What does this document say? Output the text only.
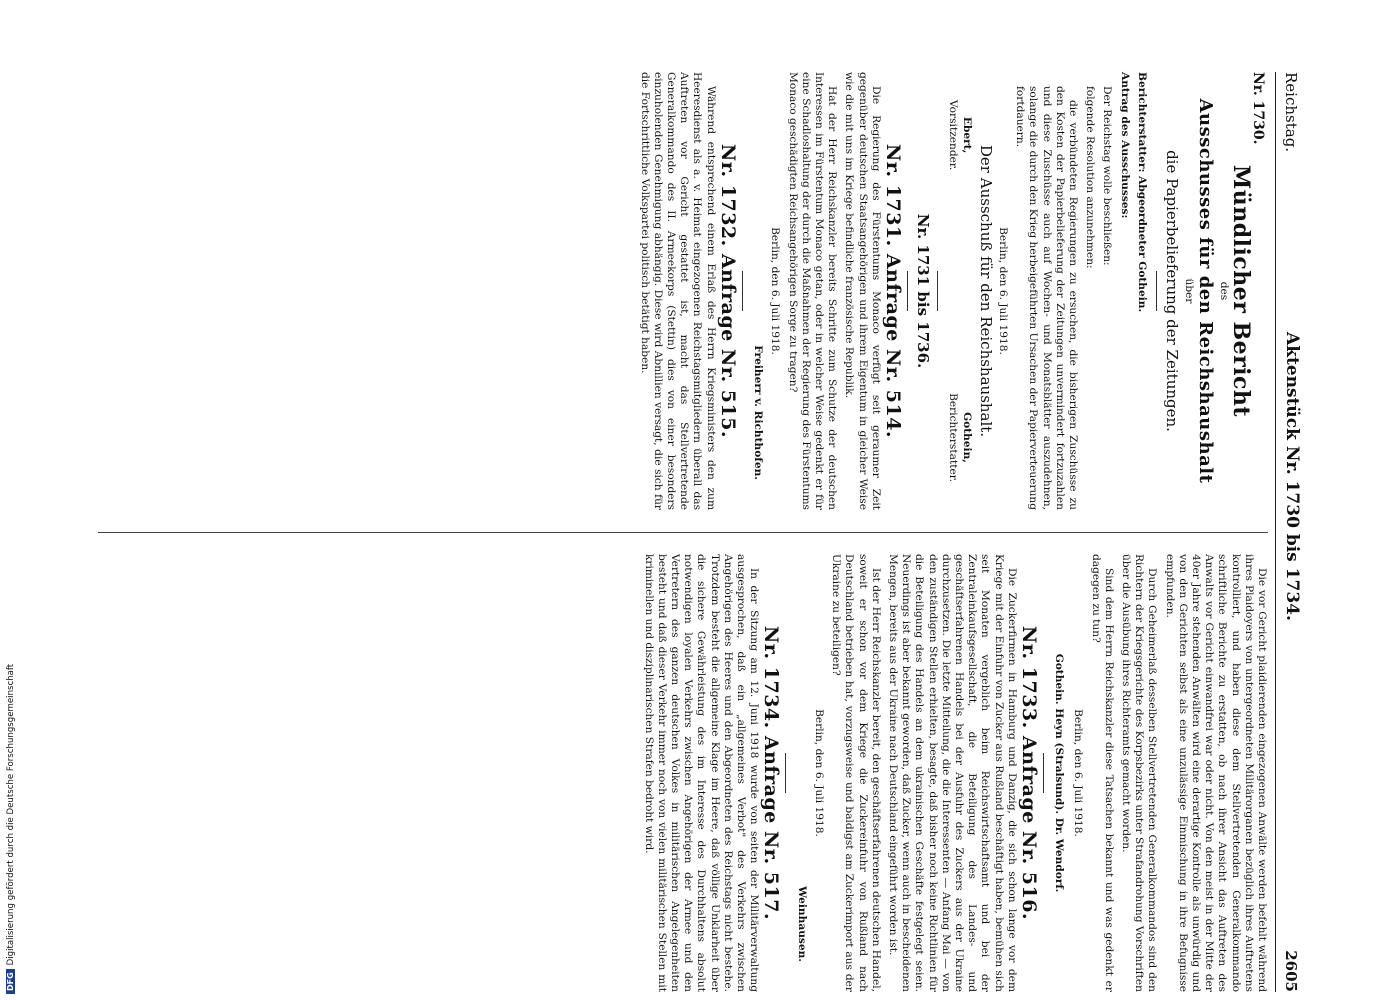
Reichstag.
Aktenstück Nr. 1730 bis 1734.
2605
Nr. 1730.
Mündlicher Bericht
des
Ausschusses für den Reichshaushalt
über
die Papierbelieferung der Zeitungen.

Berichterstatter: Abgeordneter Gothein.

Antrag des Ausschusses:

Der Reichstag wolle beschließen:

folgende Resolution anzunehmen:

die verbündeten Regierungen zu ersuchen, die bisherigen Zuschüsse zu den Kosten der Papierbelieferung der Zeitungen unvermindert fortzuzahlen und diese Zuschüsse auch auf Wochen- und Monatsblätter auszudehnen, solange die durch den Krieg herbeigeführten Ursachen der Papierverteuerung fortdauern.

Berlin, den 6. Juli 1918.
Der Ausschuß für den Reichshaushalt.
Ebert,
Vorsitzender.
Gothein,
Berichterstatter.
Nr. 1731 bis 1736.
Nr. 1731. Anfrage Nr. 514.

Die Regierung des Fürstentums Monaco verfügt seit geraumer Zeit gegenüber deutschen Staatsangehörigen und ihrem Eigentum in gleicher Weise wie die mit uns im Kriege befindliche französische Republik.

Hat der Herr Reichskanzler bereits Schritte zum Schutze der deutschen Interessen im Fürstentum Monaco getan, oder in welcher Weise gedenkt er für eine Schadloshaltung der durch die Maßnahmen der Regierung des Fürstentums Monaco geschädigten Reichsangehörigen Sorge zu tragen?

Berlin, den 6. Juli 1918.
Freiherr v. Richthofen.
Nr. 1732. Anfrage Nr. 515.

Während entsprechend einem Erlaß des Herrn Kriegsministers den zum Heeresdienst als a. v. Heimat eingezogenen Reichstagsmitgliedern überall das Auftreten vor Gericht gestattet ist, macht das Stellvertretende Generalkommando des II. Armeekorps (Stettin) dies von einer besonders einzuholenden Genehmigung abhängig. Diese wird Abnillien versagt, die sich für die Fortschrittliche Volkspartei politisch betätigt haben.

Die vor Gericht plaidierenden eingezogenen Anwälte werden befehlt während ihres Plaidoyers von untergeordneten Militärorganen bezüglich ihres Auftretens kontrolliert, und haben diese dem Stellvertretenden Generalkommando schriftliche Berichte zu erstatten, ob nach ihrer Ansicht das Auftreten des Anwalts vor Gericht einwandfrei war oder nicht. Von den meist in der Mitte der 40er Jahre stehenden Anwälten wird eine derartige Kontrolle als unwürdig und von den Gerichten selbst als eine unzulässige Einmischung in ihre Befugnisse empfunden.

Durch Geheimerlaß desselben Stellvertretenden Generalkommandos sind den Richtern der Kriegsgerichte des Korpsbezirks unter Strafandrohung Vorschriften über die Ausübung ihres Richteramts gemacht worden.

Sind dem Herrn Reichskanzler diese Tatsachen bekannt und was gedenkt er dagegen zu tun?

Berlin, den 6. Juli 1918.
Gothein. Heyn (Stralsund). Dr. Wendorf.
Nr. 1733. Anfrage Nr. 516.

Die Zuckerfirmen in Hamburg und Danzig, die sich schon lange vor dem Kriege mit der Einfuhr von Zucker aus Rußland beschäftigt haben, bemühen sich seit Monaten vergeblich beim Reichswirtschaftsamt und bei der Zentraleinkaufsgesellschaft, die Beteiligung des Landes- und geschäftserfahrenen Handels bei der Ausfuhr des Zuckers aus der Ukraine durchzusetzen. Die letzte Mitteilung, die die Interessenten — Anfang Mai — von den zuständigen Stellen erhielten, besagte, daß bisher noch keine Richtlinien für die Beteiligung des Handels an dem ukrainischen Geschäfte festgelegt seien. Neuerdings ist aber bekannt geworden, daß Zucker, wenn auch in bescheidenen Mengen, bereits aus der Ukraine nach Deutschland eingeführt worden ist.

Ist der Herr Reichskanzler bereit, den geschäftserfahrenen deutschen Handel, soweit er schon vor dem Kriege die Zuckereinfuhr von Rußland nach Deutschland betrieben hat, vorzugsweise und baldigst am Zuckerimport aus der Ukraine zu beteiligen?

Berlin, den 6. Juli 1918.
Weinhausen.
Nr. 1734. Anfrage Nr. 517.

In der Sitzung am 12. Juni 1918 wurde von seiten der Militärverwaltung ausgesprochen, daß ein „allgemeines Verbot" des Verkehrs zwischen Angehörigen des Heeres und den Abgeordneten des Reichstags nicht bestehe. Trotzdem besteht die allgemeine Klage im Heere, daß völlige Unklarheit über die sichere Gewährleistung des im Interesse des Durchhaltens absolut notwendigen loyalen Verkehrs zwischen Angehörigen der Armee und den Vertretern des ganzen deutschen Volkes in militärischen Angelegenheiten besteht und daß dieser Verkehr immer noch von vielen militärischen Stellen mit kriminellen und disziplinarischen Strafen bedroht wird.

DFGDigitalisierung gefördert durch die Deutsche Forschungsgemeinschaft
